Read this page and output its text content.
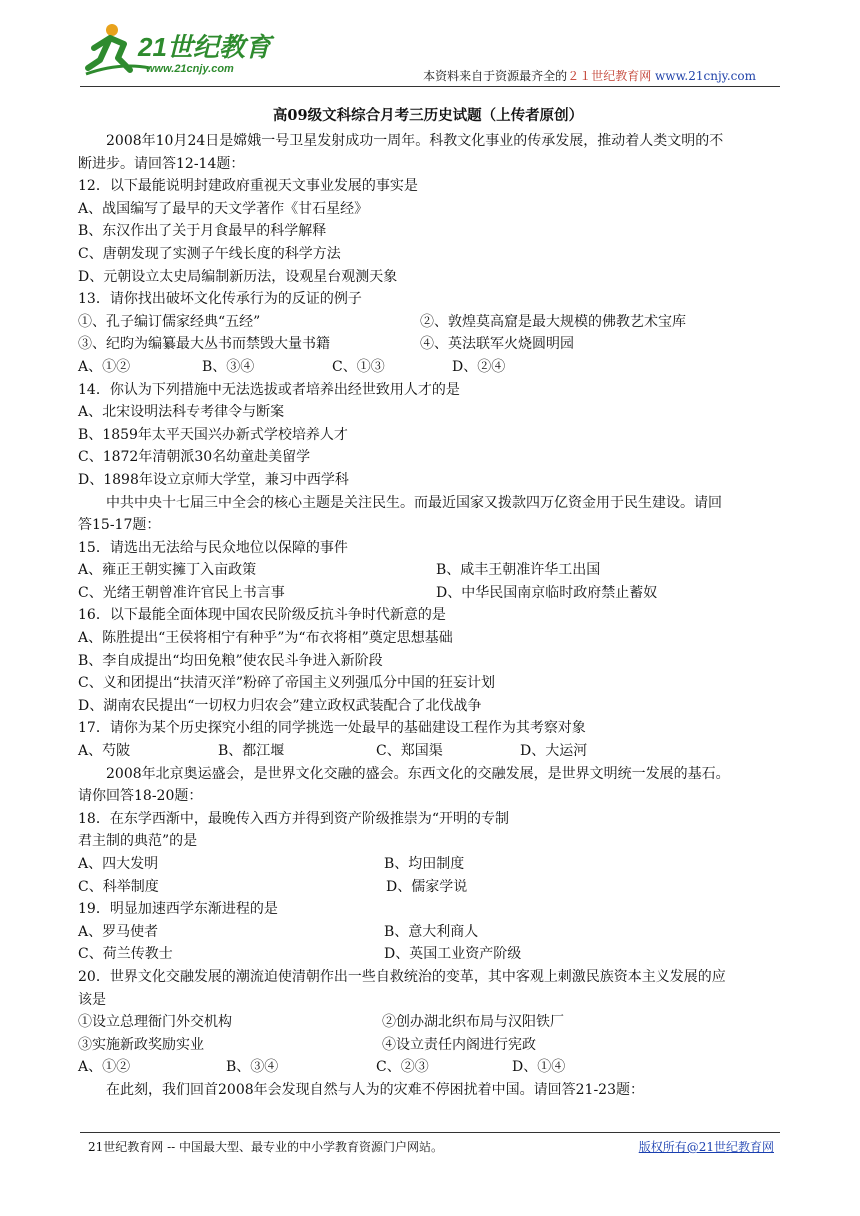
21世纪教育
www.21cnjy.com	本资料来自于资源最齐全的２１世纪教育网 www.21cnjy.com
高09级文科综合月考三历史试题（上传者原创）
2008年10月24日是嫦娥一号卫星发射成功一周年。科教文化事业的传承发展，推动着人类文明的不
断进步。请回答12-14题：
12．以下最能说明封建政府重视天文事业发展的事实是
A、战国编写了最早的天文学著作《甘石星经》
B、东汉作出了关于月食最早的科学解释
C、唐朝发现了实测子午线长度的科学方法
D、元朝设立太史局编制新历法，设观星台观测天象
13．请你找出破坏文化传承行为的反证的例子
①、孔子编订儒家经典“五经”	②、敦煌莫高窟是最大规模的佛教艺术宝库
③、纪昀为编纂最大丛书而禁毁大量书籍	④、英法联军火烧圆明园
A、①②	B、③④	C、①③	D、②④
14．你认为下列措施中无法选拔或者培养出经世致用人才的是
A、北宋设明法科专考律令与断案
B、1859年太平天国兴办新式学校培养人才
C、1872年清朝派30名幼童赴美留学
D、1898年设立京师大学堂，兼习中西学科
中共中央十七届三中全会的核心主题是关注民生。而最近国家又拨款四万亿资金用于民生建设。请回
答15-17题：
15．请选出无法给与民众地位以保障的事件
A、雍正王朝实擁丁入亩政策	B、咸丰王朝准许华工出国
C、光绪王朝曾准许官民上书言事	D、中华民国南京临时政府禁止蓄奴
16．以下最能全面体现中国农民阶级反抗斗争时代新意的是
A、陈胜提出“王侯将相宁有种乎”为“布衣将相”奠定思想基础
B、李自成提出“均田免粮”使农民斗争进入新阶段
C、义和团提出“扶清灭洋”粉碎了帝国主义列强瓜分中国的狂妄计划
D、湖南农民提出“一切权力归农会”建立政权武装配合了北伐战争
17．请你为某个历史探究小组的同学挑选一处最早的基础建设工程作为其考察对象
A、芍陂	B、都江堰	C、郑国渠	D、大运河
2008年北京奥运盛会，是世界文化交融的盛会。东西文化的交融发展，是世界文明统一发展的基石。
请你回答18-20题：
18．在东学西渐中，最晚传入西方并得到资产阶级推崇为“开明的专制
君主制的典范”的是
A、四大发明	B、均田制度
C、科举制度	D、儒家学说
19．明显加速西学东渐进程的是
A、罗马使者	B、意大利商人
C、荷兰传教士	D、英国工业资产阶级
20．世界文化交融发展的潮流迫使清朝作出一些自救统治的变革，其中客观上刺激民族资本主义发展的应
该是
①设立总理衙门外交机构	②创办湖北织布局与汉阳铁厂
③实施新政奖励实业	④设立责任内阁进行宪政
A、①②	B、③④	C、②③	D、①④
在此刻，我们回首2008年会发现自然与人为的灾难不停困扰着中国。请回答21-23题：
21世纪教育网 -- 中国最大型、最专业的中小学教育资源门户网站。	版权所有@21世纪教育网
